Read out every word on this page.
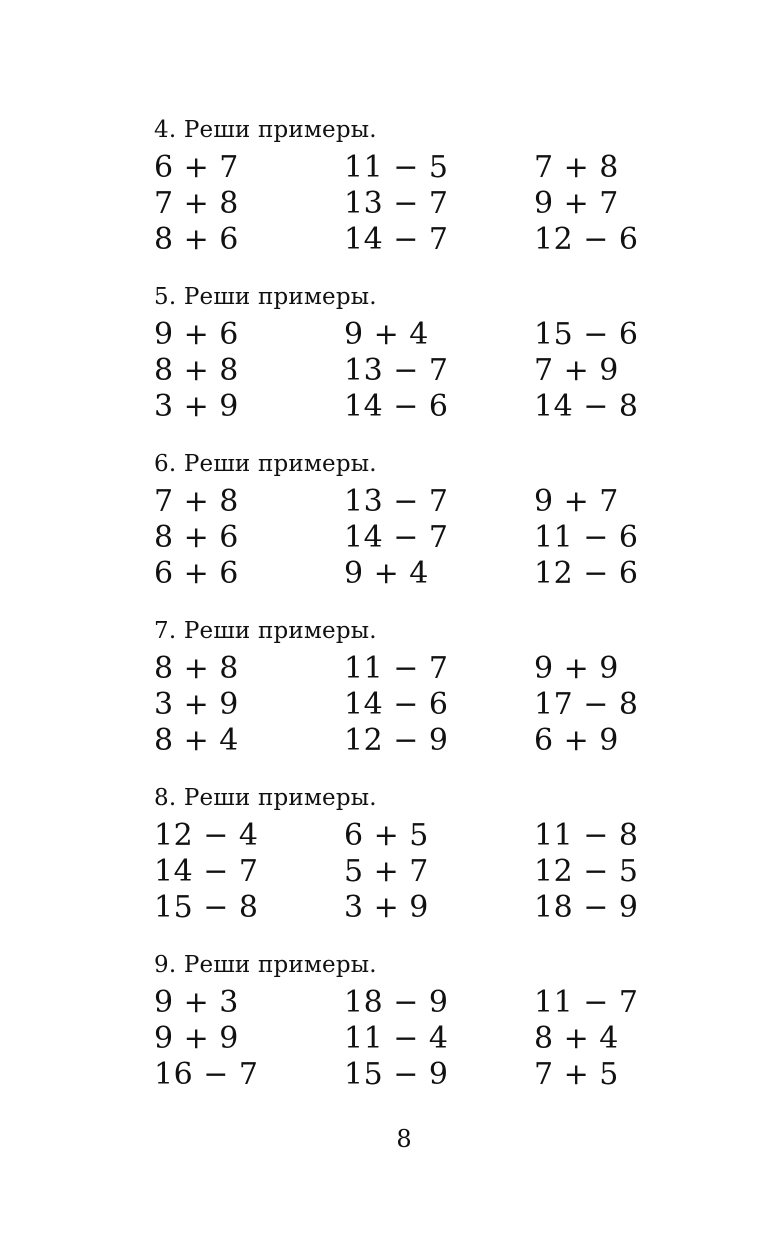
4. Реши примеры.
6 + 7	11 − 5	7 + 8
7 + 8	13 − 7	9 + 7
8 + 6	14 − 7	12 − 6
5. Реши примеры.
9 + 6	9 + 4	15 − 6
8 + 8	13 − 7	7 + 9
3 + 9	14 − 6	14 − 8
6. Реши примеры.
7 + 8	13 − 7	9 + 7
8 + 6	14 − 7	11 − 6
6 + 6	9 + 4	12 − 6
7. Реши примеры.
8 + 8	11 − 7	9 + 9
3 + 9	14 − 6	17 − 8
8 + 4	12 − 9	6 + 9
8. Реши примеры.
12 − 4	6 + 5	11 − 8
14 − 7	5 + 7	12 − 5
15 − 8	3 + 9	18 − 9
9. Реши примеры.
9 + 3	18 − 9	11 − 7
9 + 9	11 − 4	8 + 4
16 − 7	15 − 9	7 + 5
8
